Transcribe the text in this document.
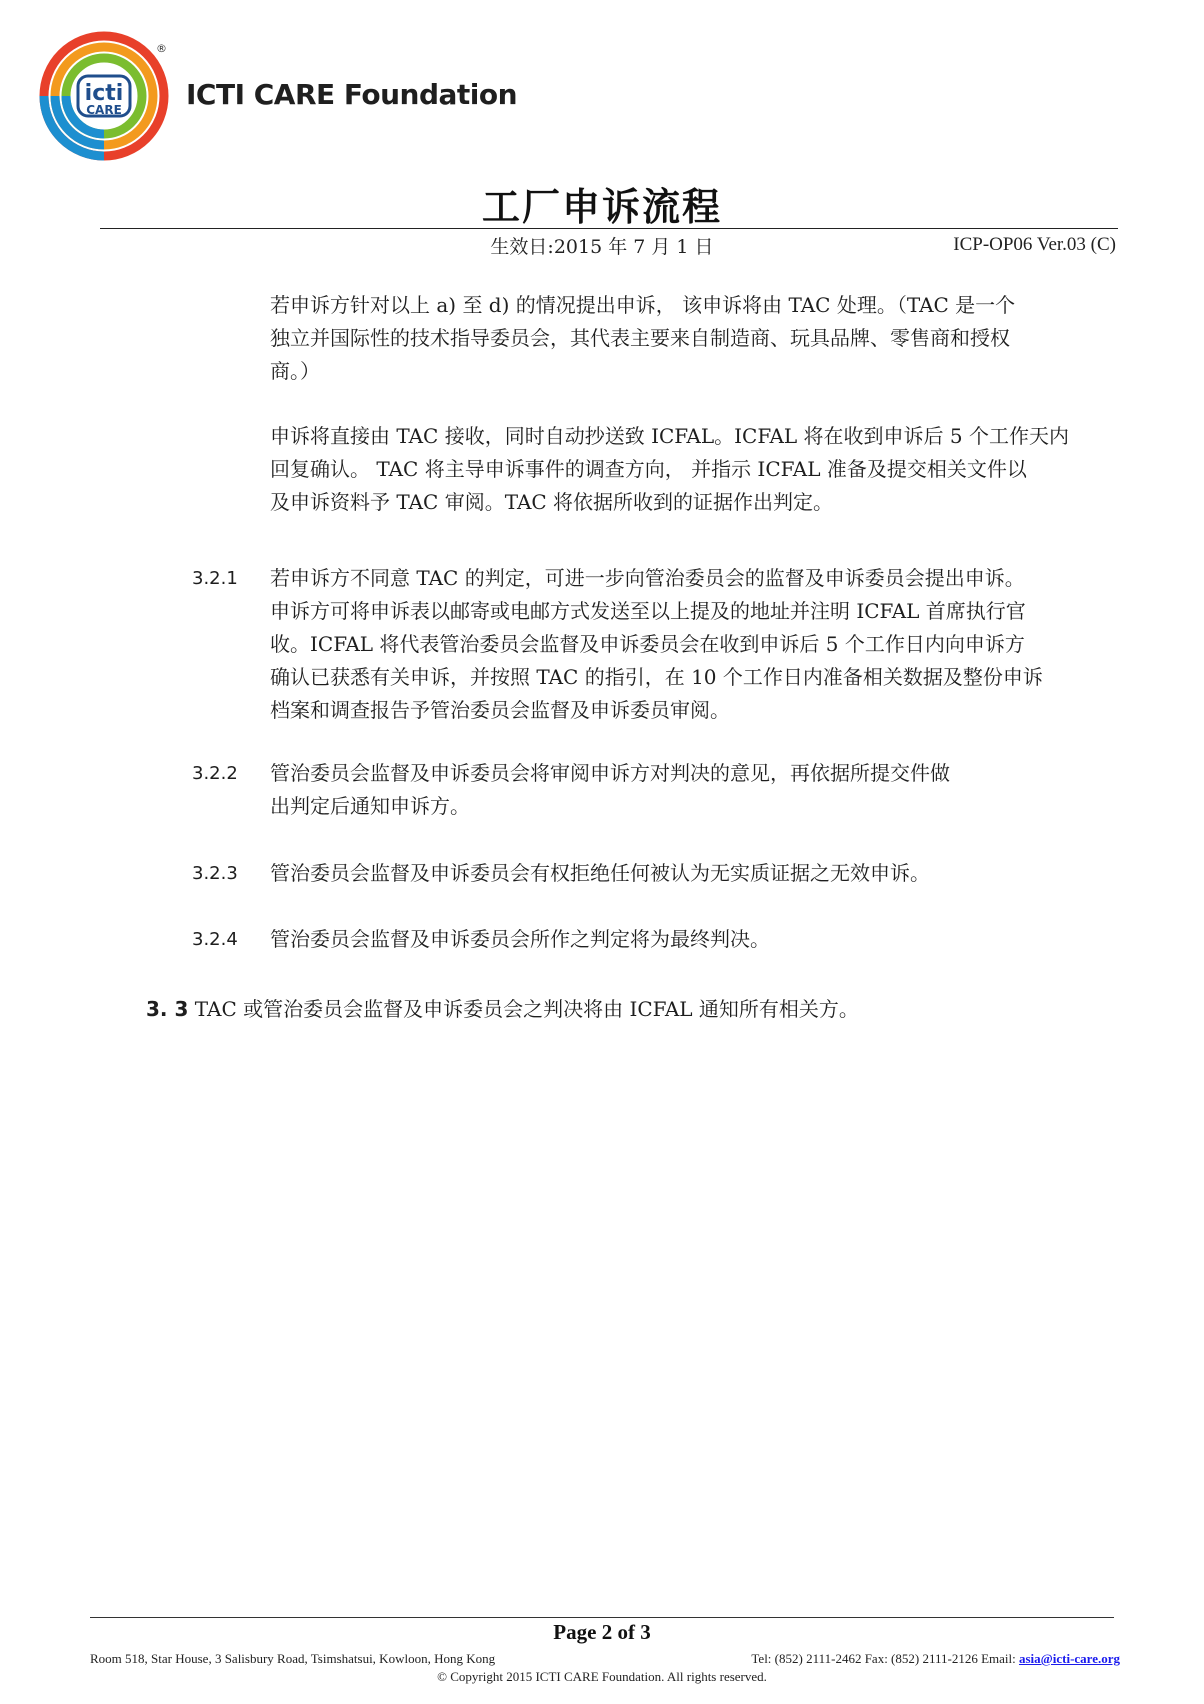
icti
CARE
®
ICTI CARE Foundation
工厂申诉流程
生效日:2015 年 7 月 1 日	ICP-OP06 Ver.03 (C)
若申诉方针对以上 a) 至 d) 的情况提出申诉， 该申诉将由 TAC 处理。（TAC 是一个
独立并国际性的技术指导委员会，其代表主要来自制造商、玩具品牌、零售商和授权
商。）
申诉将直接由 TAC 接收，同时自动抄送致 ICFAL。ICFAL 将在收到申诉后 5 个工作天内
回复确认。 TAC 将主导申诉事件的调查方向， 并指示 ICFAL 准备及提交相关文件以
及申诉资料予 TAC 审阅。TAC 将依据所收到的证据作出判定。
3.2.1 若申诉方不同意 TAC 的判定，可进一步向管治委员会的监督及申诉委员会提出申诉。
申诉方可将申诉表以邮寄或电邮方式发送至以上提及的地址并注明 ICFAL 首席执行官
收。ICFAL 将代表管治委员会监督及申诉委员会在收到申诉后 5 个工作日内向申诉方
确认已获悉有关申诉，并按照 TAC 的指引，在 10 个工作日内准备相关数据及整份申诉
档案和调查报告予管治委员会监督及申诉委员审阅。
3.2.2 管治委员会监督及申诉委员会将审阅申诉方对判决的意见，再依据所提交件做
出判定后通知申诉方。
3.2.3 管治委员会监督及申诉委员会有权拒绝任何被认为无实质证据之无效申诉。
3.2.4 管治委员会监督及申诉委员会所作之判定将为最终判决。
3. 3 TAC 或管治委员会监督及申诉委员会之判决将由 ICFAL 通知所有相关方。
Page 2 of 3
Room 518, Star House, 3 Salisbury Road, Tsimshatsui, Kowloon, Hong Kong	Tel: (852) 2111-2462 Fax: (852) 2111-2126 Email: asia@icti-care.org
© Copyright 2015 ICTI CARE Foundation. All rights reserved.
